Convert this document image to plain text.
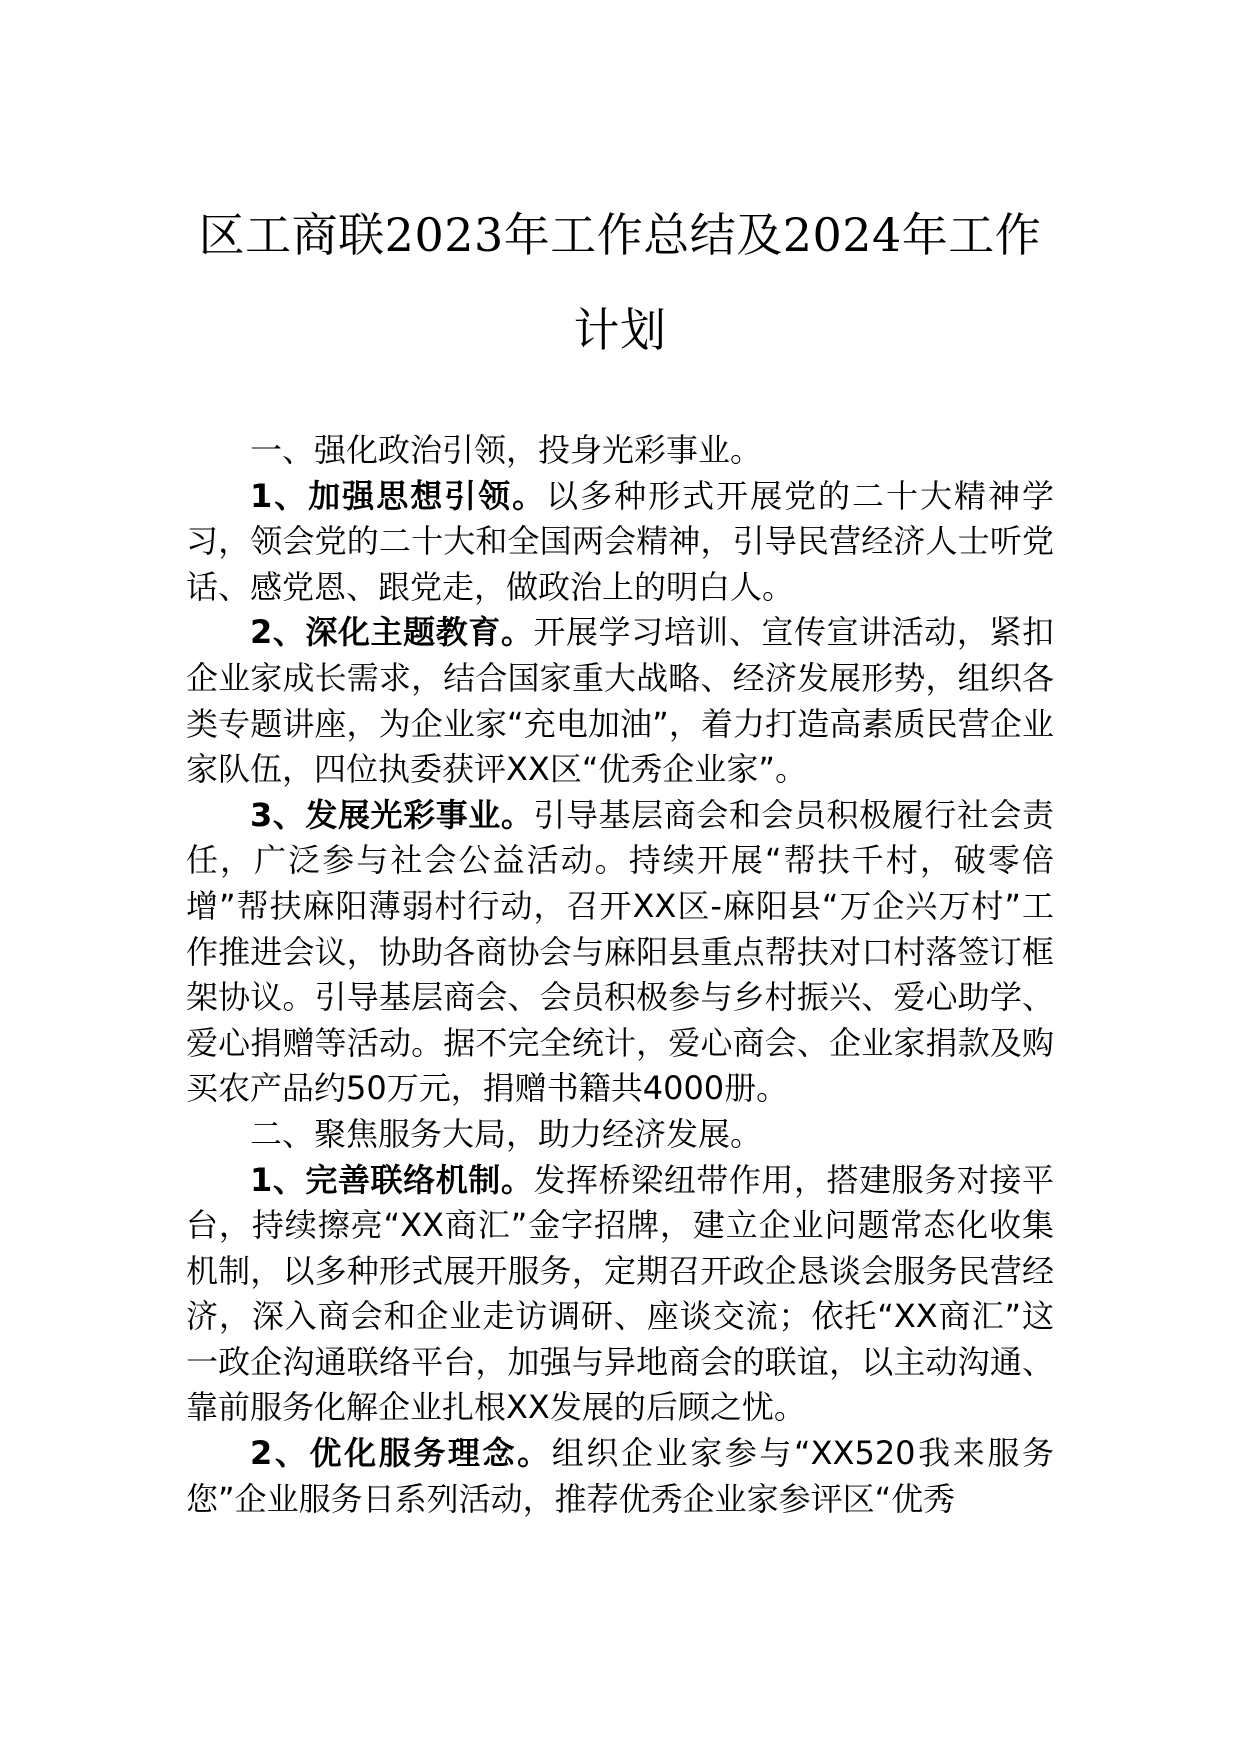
区工商联2023年工作总结及2024年工作计划

一、强化政治引领，投身光彩事业。

1、加强思想引领。以多种形式开展党的二十大精神学习，领会党的二十大和全国两会精神，引导民营经济人士听党话、感党恩、跟党走，做政治上的明白人。

2、深化主题教育。开展学习培训、宣传宣讲活动，紧扣企业家成长需求，结合国家重大战略、经济发展形势，组织各类专题讲座，为企业家“充电加油”，着力打造高素质民营企业家队伍，四位执委获评XX区“优秀企业家”。

3、发展光彩事业。引导基层商会和会员积极履行社会责任，广泛参与社会公益活动。持续开展“帮扶千村，破零倍增”帮扶麻阳薄弱村行动，召开XX区-麻阳县“万企兴万村”工作推进会议，协助各商协会与麻阳县重点帮扶对口村落签订框架协议。引导基层商会、会员积极参与乡村振兴、爱心助学、爱心捐赠等活动。据不完全统计，爱心商会、企业家捐款及购买农产品约50万元，捐赠书籍共4000册。

二、聚焦服务大局，助力经济发展。

1、完善联络机制。发挥桥梁纽带作用，搭建服务对接平台，持续擦亮“XX商汇”金字招牌，建立企业问题常态化收集机制，以多种形式展开服务，定期召开政企恳谈会服务民营经济，深入商会和企业走访调研、座谈交流；依托“XX商汇”这一政企沟通联络平台，加强与异地商会的联谊，以主动沟通、靠前服务化解企业扎根XX发展的后顾之忧。

2、优化服务理念。组织企业家参与“XX520我来服务您”企业服务日系列活动，推荐优秀企业家参评区“优秀
